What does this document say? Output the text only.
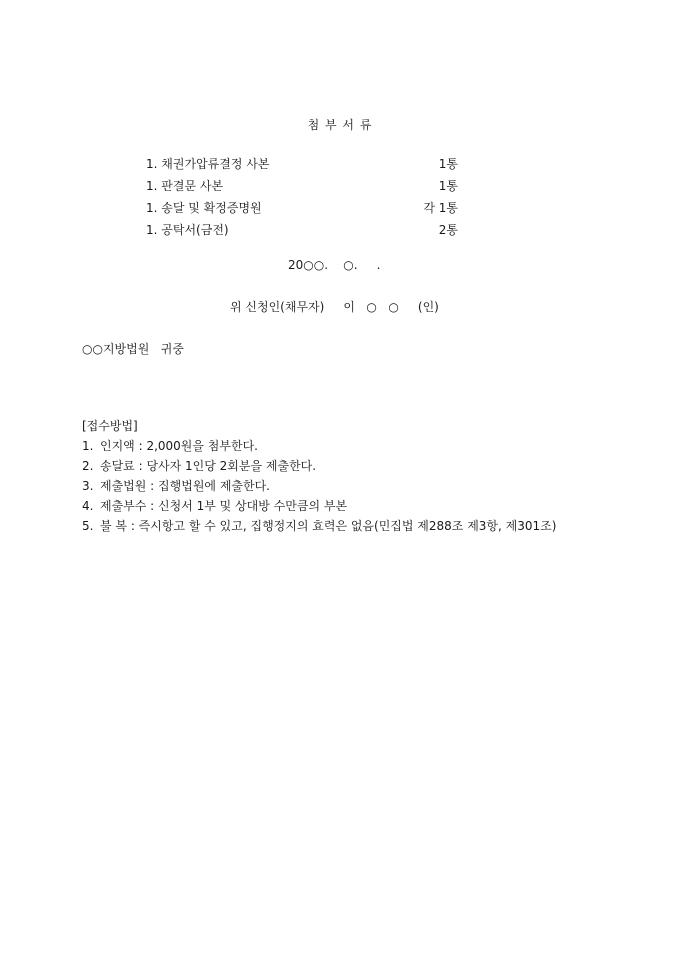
첨 부 서 류
1. 채권가압류결정 사본	1통
1. 판결문 사본	1통
1. 송달 및 확정증명원	각 1통
1. 공탁서(금전)	2통
20○○.    ○.     .
위 신청인(채무자)     이   ○   ○     (인)
○○지방법원   귀중
[접수방법]
1. 인지액 : 2,000원을 첨부한다.
2. 송달료 : 당사자 1인당 2회분을 제출한다.
3. 제출법원 : 집행법원에 제출한다.
4. 제출부수 : 신청서 1부 및 상대방 수만큼의 부본
5. 불 복 : 즉시항고 할 수 있고, 집행정지의 효력은 없음(민집법 제288조 제3항, 제301조)
